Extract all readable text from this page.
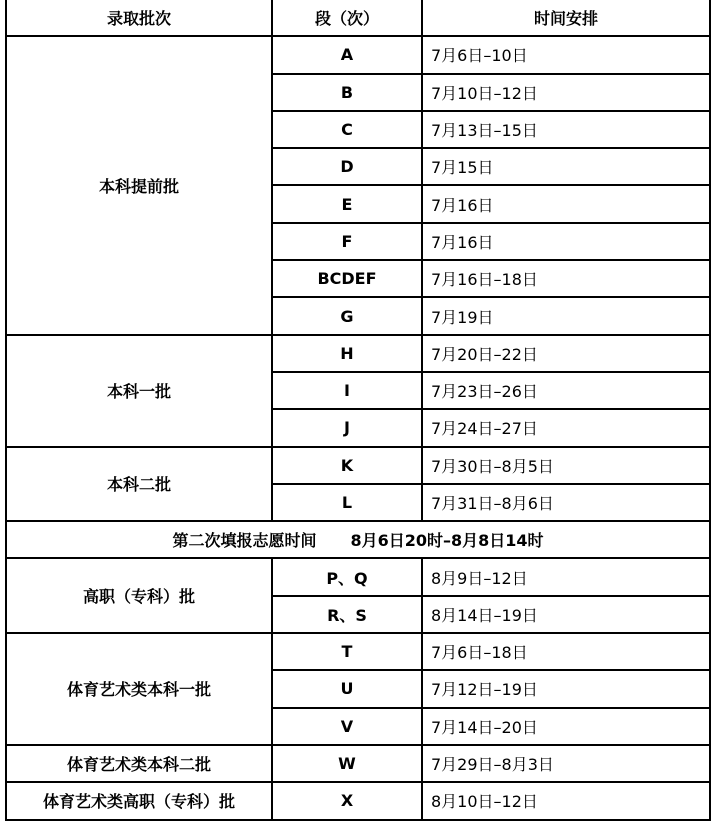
录取批次	段（次）	时间安排
本科提前批	A	7月6日–10日
	B	7月10日–12日
	C	7月13日–15日
	D	7月15日
	E	7月16日
	F	7月16日
	BCDEF	7月16日–18日
	G	7月19日
本科一批	H	7月20日–22日
	I	7月23日–26日
	J	7月24日–27日
本科二批	K	7月30日–8月5日
	L	7月31日–8月6日
第二次填报志愿时间 8月6日20时–8月8日14时		
高职（专科）批	P、Q	8月9日–12日
	R、S	8月14日–19日
体育艺术类本科一批	T	7月6日–18日
	U	7月12日–19日
	V	7月14日–20日
体育艺术类本科二批	W	7月29日–8月3日
体育艺术类高职（专科）批	X	8月10日–12日
